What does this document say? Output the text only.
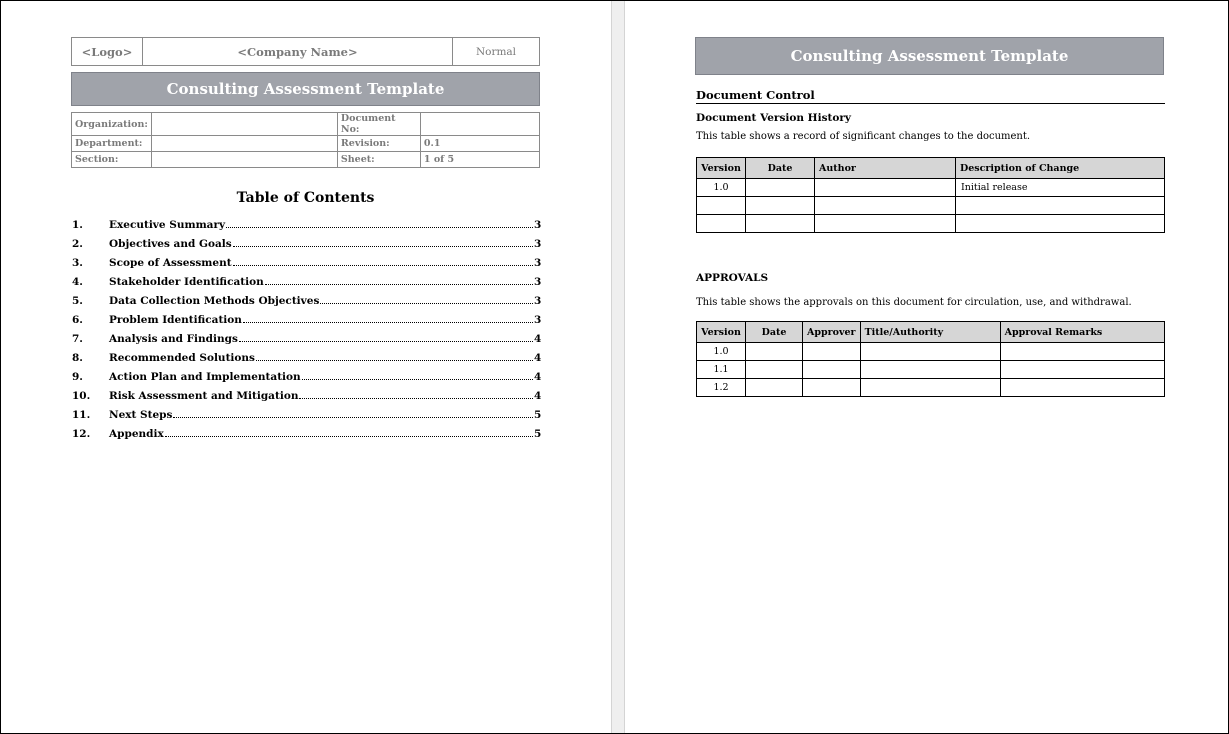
<Logo>	<Company Name>	Normal
Consulting Assessment Template
Organization:		Document No:	
Department:		Revision:	0.1
Section:		Sheet:	1 of 5
Table of Contents
1.	Executive Summary	3
2.	Objectives and Goals	3
3.	Scope of Assessment	3
4.	Stakeholder Identification	3
5.	Data Collection Methods Objectives	3
6.	Problem Identification	3
7.	Analysis and Findings	4
8.	Recommended Solutions	4
9.	Action Plan and Implementation	4
10.	Risk Assessment and Mitigation	4
11.	Next Steps	5
12.	Appendix	5
Consulting Assessment Template
Document Control
Document Version History
This table shows a record of significant changes to the document.
Version	Date	Author	Description of Change
1.0			Initial release

APPROVALS
This table shows the approvals on this document for circulation, use, and withdrawal.
Version	Date	Approver	Title/Authority	Approval Remarks
1.0				
1.1				
1.2				
